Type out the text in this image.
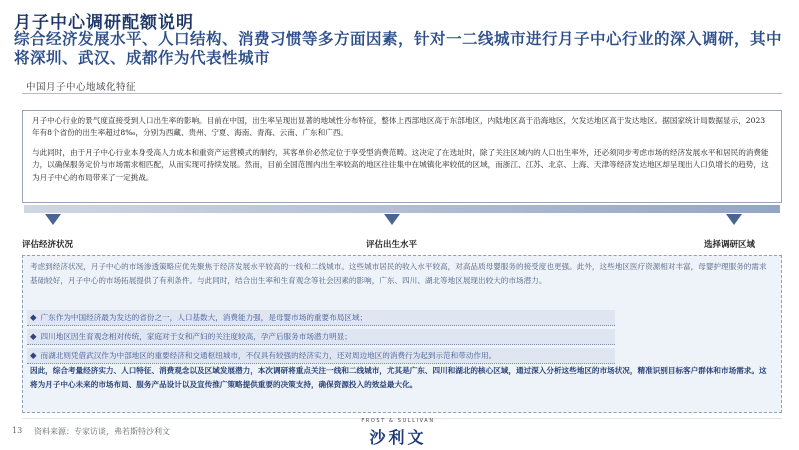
月子中心调研配额说明
综合经济发展水平、人口结构、消费习惯等多方面因素，针对一二线城市进行月子中心行业的深入调研，其中将深圳、武汉、成都作为代表性城市
中国月子中心地域化特征

月子中心行业的景气度直接受到人口出生率的影响。目前在中国，出生率呈现出显著的地域性分布特征，整体上西部地区高于东部地区，内陆地区高于沿海地区，欠发达地区高于发达地区。据国家统计局数据显示，2023年有8个省份的出生率超过8‰，分别为西藏、贵州、宁夏、海南、青海、云南、广东和广西。

与此同时，由于月子中心行业本身受高人力成本和重资产运营模式的制约，其客单价必然定位于享受型消费范畴。这决定了在选址时，除了关注区域内的人口出生率外，还必须同步考虑市场的经济发展水平和居民的消费能力，以确保服务定价与市场需求相匹配，从而实现可持续发展。然而，目前全国范围内出生率较高的地区往往集中在城镇化率较低的区域，而浙江、江苏、北京、上海、天津等经济发达地区却呈现出人口负增长的趋势，这为月子中心的布局带来了一定挑战。

评估经济状况	评估出生水平	选择调研区域
考虑到经济状况，月子中心的市场渗透策略应优先聚焦于经济发展水平较高的一线和二线城市。这些城市居民的收入水平较高，对高品质母婴服务的接受度也更强。此外，这些地区医疗资源相对丰富，母婴护理服务的需求基础较好，月子中心的市场拓展提供了有利条件。与此同时，结合出生率和生育观念等社会因素的影响，广东、四川、湖北等地区展现出较大的市场潜力。
◆ 广东作为中国经济最为发达的省份之一，人口基数大，消费能力强，是母婴市场的重要布局区域；
◆ 四川地区因生育观念相对传统，家庭对于女和产妇的关注度较高，孕产后服务市场潜力明显；
◆ 而湖北则凭借武汉作为中部地区的重要经济和交通枢纽城市，不仅具有较强的经济实力，还对周边地区的消费行为起到示范和带动作用。
因此，综合考量经济实力、人口特征、消费观念以及区域发展潜力，本次调研将重点关注一线和二线城市，尤其是广东、四川和湖北的核心区域，通过深入分析这些地区的市场状况，精准识别目标客户群体和市场需求。这将为月子中心未来的市场布局、服务产品设计以及宣传推广策略提供重要的决策支持，确保资源投入的效益最大化。
13 资料来源：专家访谈，弗若斯特沙利文
FROST & SULLIVAN
沙利文
